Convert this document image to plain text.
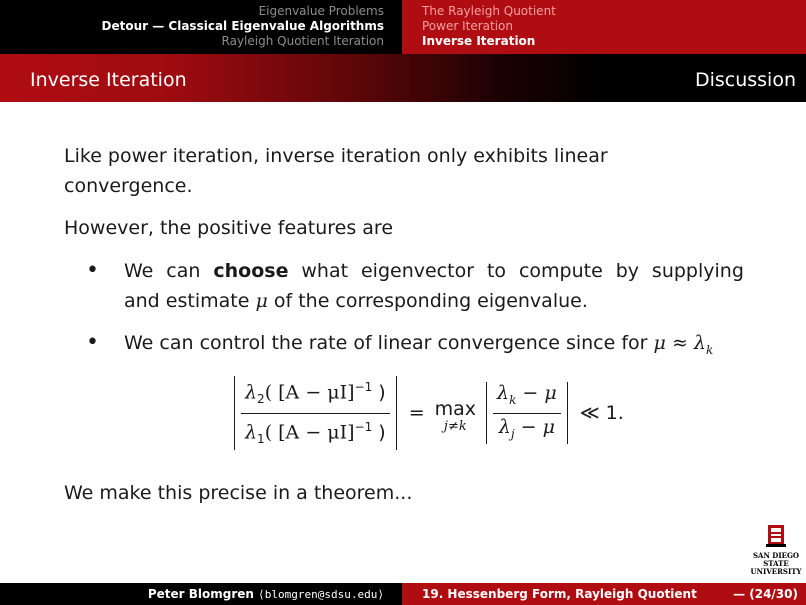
Eigenvalue Problems
Detour — Classical Eigenvalue Algorithms
Rayleigh Quotient Iteration
The Rayleigh Quotient
Power Iteration
Inverse Iteration
Inverse Iteration	Discussion
Like power iteration, inverse iteration only exhibits linear
convergence.
However, the positive features are
• We can choose what eigenvector to compute by supplying
and estimate μ of the corresponding eigenvalue.
• We can control the rate of linear convergence since for $\mu \approx \lambda_k$
$\frac{\lambda_2( [A - \mu I]^{-1} )}{\lambda_1( [A - \mu I]^{-1} )} = \max$
$j\ne k \frac{\lambda_k - \mu}{\lambda_j - \mu}$ ≪ 1.
We make this precise in a theorem...
SAN DIEGO STATE
UNIVERSITY
Peter Blomgren ⟨blomgren@sdsu.edu⟩	19. Hessenberg Form, Rayleigh Quotient	— (24/30)
